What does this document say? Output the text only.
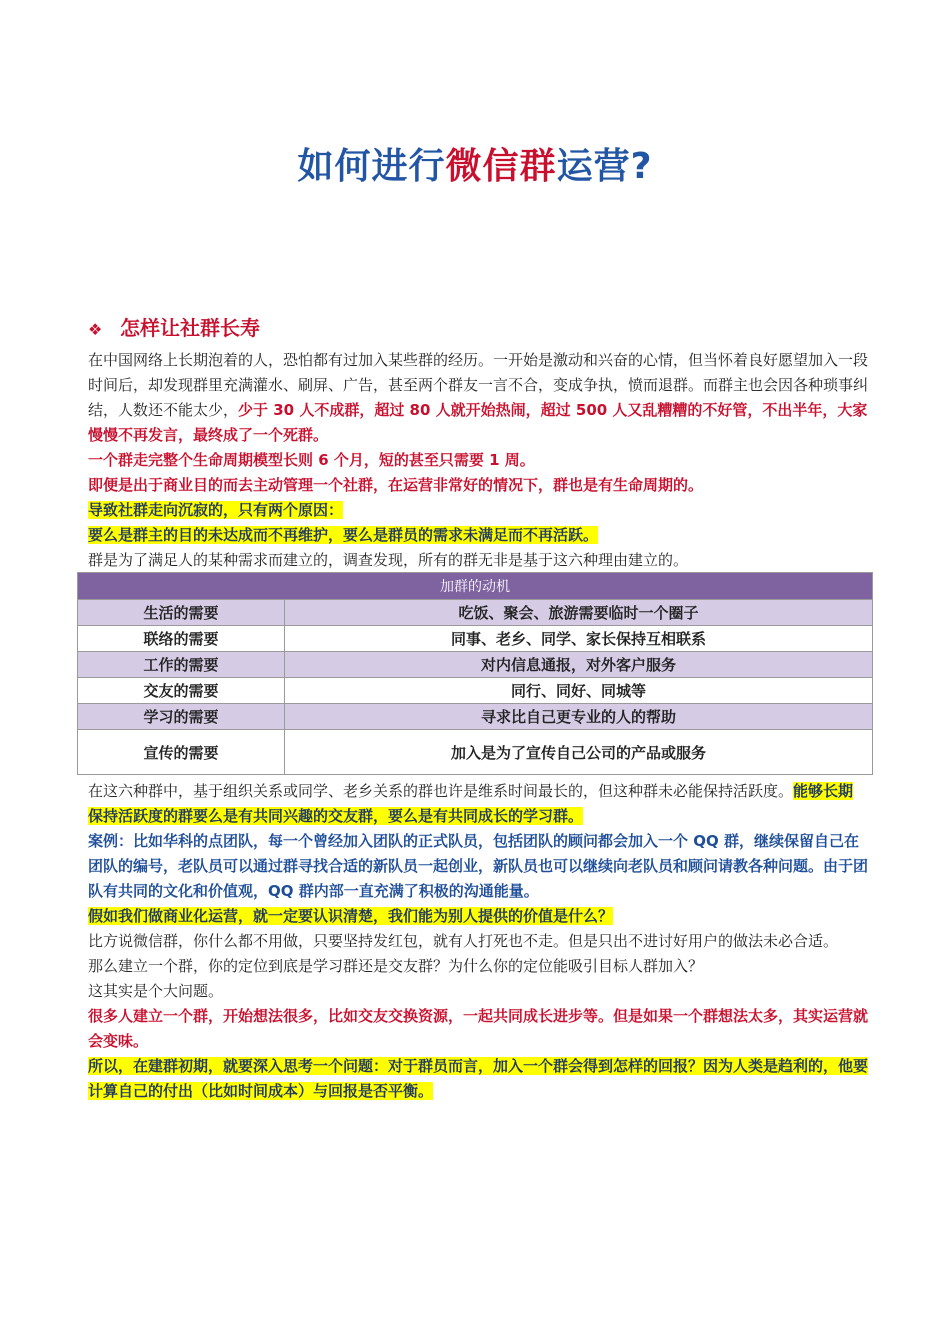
如何进行微信群运营?
❖ 怎样让社群长寿

在中国网络上长期泡着的人，恐怕都有过加入某些群的经历。一开始是激动和兴奋的心情，但当怀着良好愿望加入一段时间后，却发现群里充满灌水、刷屏、广告，甚至两个群友一言不合，变成争执，愤而退群。而群主也会因各种琐事纠结，人数还不能太少，少于 30 人不成群，超过 80 人就开始热闹，超过 500 人又乱糟糟的不好管，不出半年，大家慢慢不再发言，最终成了一个死群。

一个群走完整个生命周期模型长则 6 个月，短的甚至只需要 1 周。

即便是出于商业目的而去主动管理一个社群，在运营非常好的情况下，群也是有生命周期的。

导致社群走向沉寂的，只有两个原因：

要么是群主的目的未达成而不再维护，要么是群员的需求未满足而不再活跃。

群是为了满足人的某种需求而建立的，调查发现，所有的群无非是基于这六种理由建立的。

加群的动机	
生活的需要	吃饭、聚会、旅游需要临时一个圈子
联络的需要	同事、老乡、同学、家长保持互相联系
工作的需要	对内信息通报，对外客户服务
交友的需要	同行、同好、同城等
学习的需要	寻求比自己更专业的人的帮助
宣传的需要	加入是为了宣传自己公司的产品或服务

在这六种群中，基于组织关系或同学、老乡关系的群也许是维系时间最长的，但这种群未必能保持活跃度。能够长期保持活跃度的群要么是有共同兴趣的交友群，要么是有共同成长的学习群。

案例：比如华科的点团队，每一个曾经加入团队的正式队员，包括团队的顾问都会加入一个 QQ 群，继续保留自己在团队的编号，老队员可以通过群寻找合适的新队员一起创业，新队员也可以继续向老队员和顾问请教各种问题。由于团队有共同的文化和价值观，QQ 群内部一直充满了积极的沟通能量。

假如我们做商业化运营，就一定要认识清楚，我们能为别人提供的价值是什么？

比方说微信群，你什么都不用做，只要坚持发红包，就有人打死也不走。但是只出不进讨好用户的做法未必合适。

那么建立一个群，你的定位到底是学习群还是交友群？为什么你的定位能吸引目标人群加入？

这其实是个大问题。

很多人建立一个群，开始想法很多，比如交友交换资源，一起共同成长进步等。但是如果一个群想法太多，其实运营就会变味。

所以，在建群初期，就要深入思考一个问题：对于群员而言，加入一个群会得到怎样的回报？因为人类是趋利的，他要计算自己的付出（比如时间成本）与回报是否平衡。
